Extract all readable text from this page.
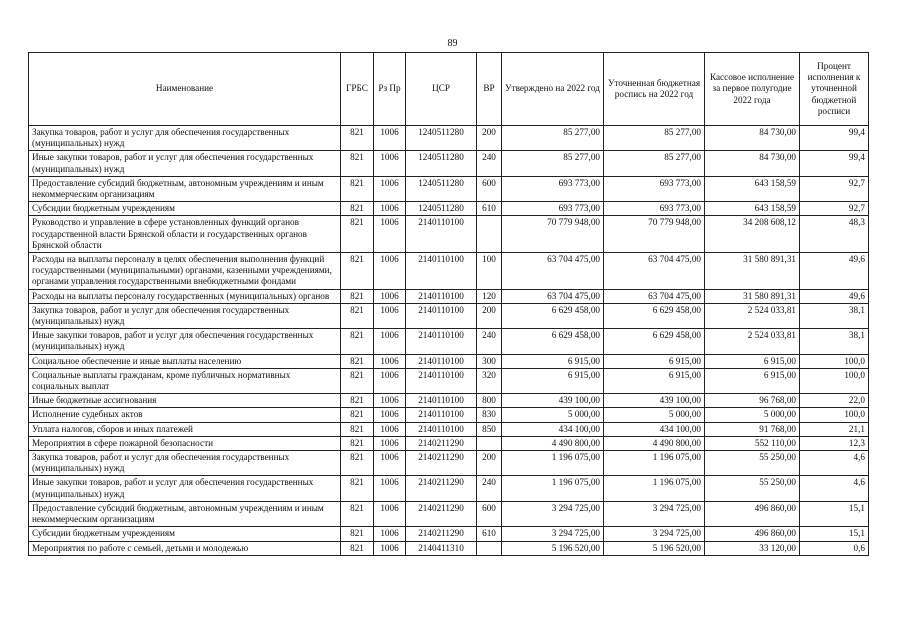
89
Наименование	ГРБС	Рз Пр	ЦСР	ВР	Утверждено на 2022 год	Уточненная бюджетная роспись на 2022 год	Кассовое исполнение за первое полугодие 2022 года	Процент исполнения к уточненной бюджетной росписи
Закупка товаров, работ и услуг для обеспечения государственных (муниципальных) нужд	821	1006	1240511280	200	85 277,00	85 277,00	84 730,00	99,4
Иные закупки товаров, работ и услуг для обеспечения государственных (муниципальных) нужд	821	1006	1240511280	240	85 277,00	85 277,00	84 730,00	99,4
Предоставление субсидий бюджетным, автономным учреждениям и иным некоммерческим организациям	821	1006	1240511280	600	693 773,00	693 773,00	643 158,59	92,7
Субсидии бюджетным учреждениям	821	1006	1240511280	610	693 773,00	693 773,00	643 158,59	92,7
Руководство и управление в сфере установленных функций органов государственной власти Брянской области и государственных органов Брянской области	821	1006	2140110100		70 779 948,00	70 779 948,00	34 208 608,12	48,3
Расходы на выплаты персоналу в целях обеспечения выполнения функций государственными (муниципальными) органами, казенными учреждениями, органами управления государственными внебюджетными фондами	821	1006	2140110100	100	63 704 475,00	63 704 475,00	31 580 891,31	49,6
Расходы на выплаты персоналу государственных (муниципальных) органов	821	1006	2140110100	120	63 704 475,00	63 704 475,00	31 580 891,31	49,6
Закупка товаров, работ и услуг для обеспечения государственных (муниципальных) нужд	821	1006	2140110100	200	6 629 458,00	6 629 458,00	2 524 033,81	38,1
Иные закупки товаров, работ и услуг для обеспечения государственных (муниципальных) нужд	821	1006	2140110100	240	6 629 458,00	6 629 458,00	2 524 033,81	38,1
Социальное обеспечение и иные выплаты населению	821	1006	2140110100	300	6 915,00	6 915,00	6 915,00	100,0
Социальные выплаты гражданам, кроме публичных нормативных социальных выплат	821	1006	2140110100	320	6 915,00	6 915,00	6 915,00	100,0
Иные бюджетные ассигнования	821	1006	2140110100	800	439 100,00	439 100,00	96 768,00	22,0
Исполнение судебных актов	821	1006	2140110100	830	5 000,00	5 000,00	5 000,00	100,0
Уплата налогов, сборов и иных платежей	821	1006	2140110100	850	434 100,00	434 100,00	91 768,00	21,1
Мероприятия в сфере пожарной безопасности	821	1006	2140211290		4 490 800,00	4 490 800,00	552 110,00	12,3
Закупка товаров, работ и услуг для обеспечения государственных (муниципальных) нужд	821	1006	2140211290	200	1 196 075,00	1 196 075,00	55 250,00	4,6
Иные закупки товаров, работ и услуг для обеспечения государственных (муниципальных) нужд	821	1006	2140211290	240	1 196 075,00	1 196 075,00	55 250,00	4,6
Предоставление субсидий бюджетным, автономным учреждениям и иным некоммерческим организациям	821	1006	2140211290	600	3 294 725,00	3 294 725,00	496 860,00	15,1
Субсидии бюджетным учреждениям	821	1006	2140211290	610	3 294 725,00	3 294 725,00	496 860,00	15,1
Мероприятия по работе с семьей, детьми и молодежью	821	1006	2140411310		5 196 520,00	5 196 520,00	33 120,00	0,6
